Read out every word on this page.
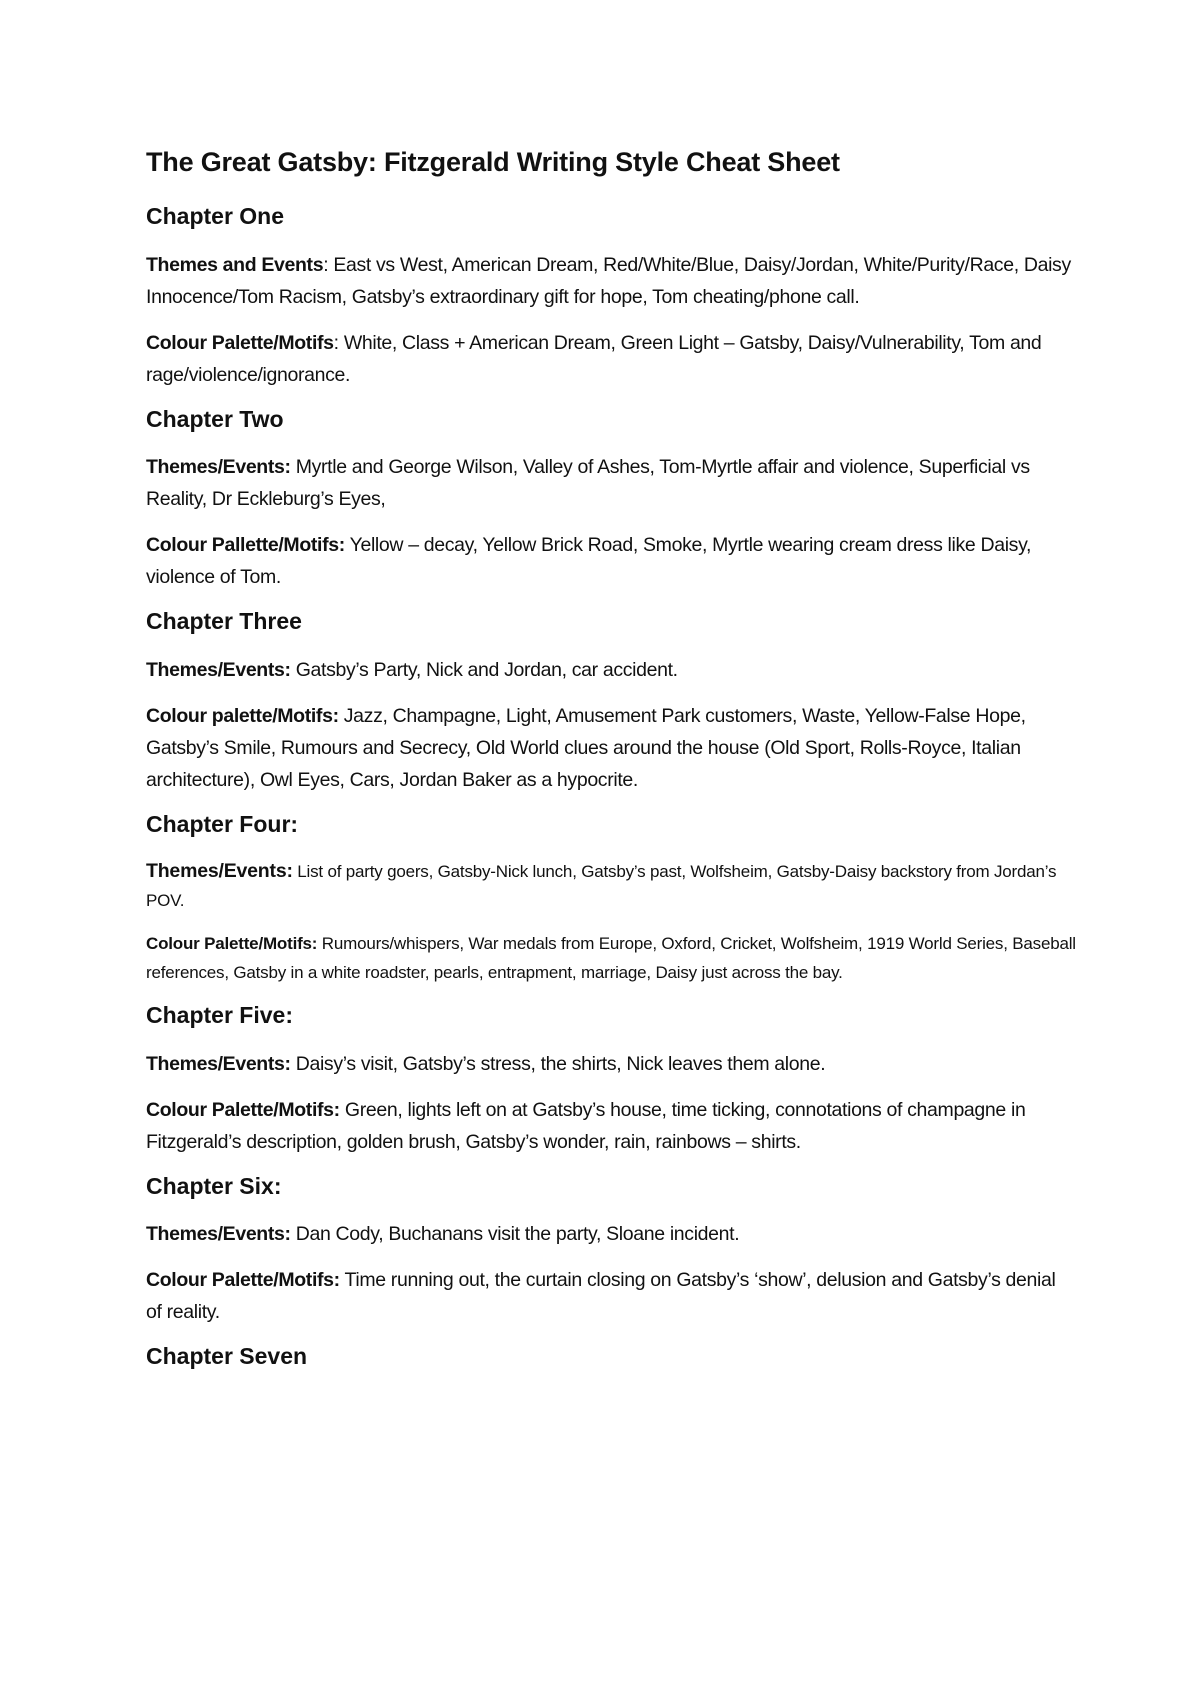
The Great Gatsby: Fitzgerald Writing Style Cheat Sheet
Chapter One

Themes and Events: East vs West, American Dream, Red/White/Blue, Daisy/Jordan, White/Purity/Race, Daisy Innocence/Tom Racism, Gatsby’s extraordinary gift for hope, Tom cheating/phone call.

Colour Palette/Motifs: White, Class + American Dream, Green Light – Gatsby, Daisy/Vulnerability, Tom and rage/violence/ignorance.

Chapter Two

Themes/Events: Myrtle and George Wilson, Valley of Ashes, Tom-Myrtle affair and violence, Superficial vs Reality, Dr Eckleburg’s Eyes,

Colour Pallette/Motifs: Yellow – decay, Yellow Brick Road, Smoke, Myrtle wearing cream dress like Daisy, violence of Tom.

Chapter Three

Themes/Events: Gatsby’s Party, Nick and Jordan, car accident.

Colour palette/Motifs: Jazz, Champagne, Light, Amusement Park customers, Waste, Yellow-False Hope, Gatsby’s Smile, Rumours and Secrecy, Old World clues around the house (Old Sport, Rolls-Royce, Italian architecture), Owl Eyes, Cars, Jordan Baker as a hypocrite.

Chapter Four:

Themes/Events: List of party goers, Gatsby-Nick lunch, Gatsby’s past, Wolfsheim, Gatsby-Daisy backstory from Jordan’s POV.

Colour Palette/Motifs: Rumours/whispers, War medals from Europe, Oxford, Cricket, Wolfsheim, 1919 World Series, Baseball references, Gatsby in a white roadster, pearls, entrapment, marriage, Daisy just across the bay.

Chapter Five:

Themes/Events: Daisy’s visit, Gatsby’s stress, the shirts, Nick leaves them alone.

Colour Palette/Motifs: Green, lights left on at Gatsby’s house, time ticking, connotations of champagne in Fitzgerald’s description, golden brush, Gatsby’s wonder, rain, rainbows – shirts.

Chapter Six:

Themes/Events: Dan Cody, Buchanans visit the party, Sloane incident.

Colour Palette/Motifs: Time running out, the curtain closing on Gatsby’s ‘show’, delusion and Gatsby’s denial of reality.

Chapter Seven
